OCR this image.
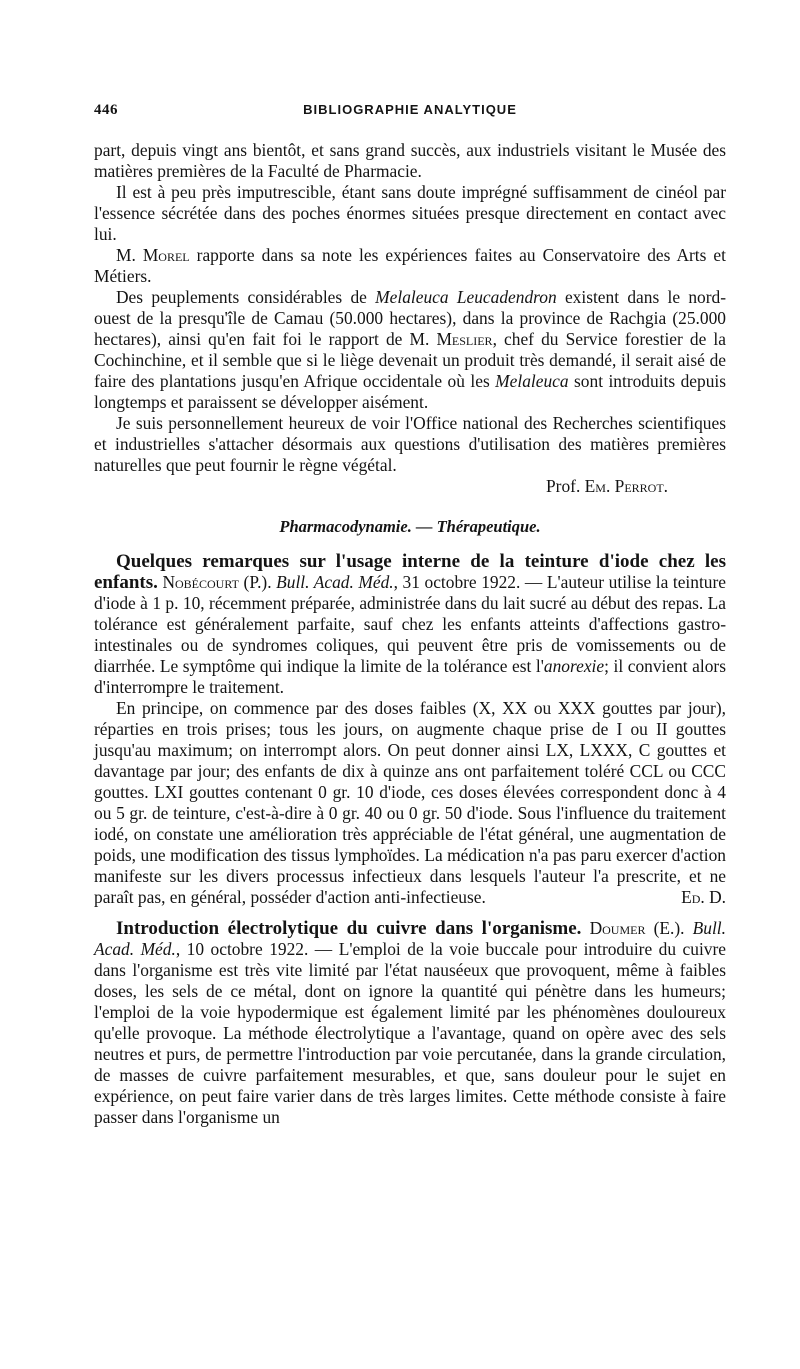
446	BIBLIOGRAPHIE ANALYTIQUE

part, depuis vingt ans bientôt, et sans grand succès, aux industriels visitant le Musée des matières premières de la Faculté de Pharmacie.

Il est à peu près imputrescible, étant sans doute imprégné suffisamment de cinéol par l'essence sécrétée dans des poches énormes situées presque directement en contact avec lui.

M. Morel rapporte dans sa note les expériences faites au Conservatoire des Arts et Métiers.

Des peuplements considérables de Melaleuca Leucadendron existent dans le nord-ouest de la presqu'île de Camau (50.000 hectares), dans la province de Rachgia (25.000 hectares), ainsi qu'en fait foi le rapport de M. Meslier, chef du Service forestier de la Cochinchine, et il semble que si le liège devenait un produit très demandé, il serait aisé de faire des plantations jusqu'en Afrique occidentale où les Melaleuca sont introduits depuis longtemps et paraissent se développer aisément.

Je suis personnellement heureux de voir l'Office national des Recherches scientifiques et industrielles s'attacher désormais aux questions d'utilisation des matières premières naturelles que peut fournir le règne végétal.

Prof. Em. Perrot.
Pharmacodynamie. — Thérapeutique.

Quelques remarques sur l'usage interne de la teinture d'iode chez les enfants. Nobécourt (P.). Bull. Acad. Méd., 31 octobre 1922. — L'auteur utilise la teinture d'iode à 1 p. 10, récemment préparée, administrée dans du lait sucré au début des repas. La tolérance est généralement parfaite, sauf chez les enfants atteints d'affections gastro-intestinales ou de syndromes coliques, qui peuvent être pris de vomissements ou de diarrhée. Le symptôme qui indique la limite de la tolérance est l'anorexie; il convient alors d'interrompre le traitement.

En principe, on commence par des doses faibles (X, XX ou XXX gouttes par jour), réparties en trois prises; tous les jours, on augmente chaque prise de I ou II gouttes jusqu'au maximum; on interrompt alors. On peut donner ainsi LX, LXXX, C gouttes et davantage par jour; des enfants de dix à quinze ans ont parfaitement toléré CCL ou CCC gouttes. LXI gouttes contenant 0 gr. 10 d'iode, ces doses élevées correspondent donc à 4 ou 5 gr. de teinture, c'est-à-dire à 0 gr. 40 ou 0 gr. 50 d'iode. Sous l'influence du traitement iodé, on constate une amélioration très appréciable de l'état général, une augmentation de poids, une modification des tissus lymphoïdes. La médication n'a pas paru exercer d'action manifeste sur les divers processus infectieux dans lesquels l'auteur l'a prescrite, et ne paraît pas, en général, posséder d'action anti-infectieuse.	Ed. D.

Introduction électrolytique du cuivre dans l'organisme. Doumer (E.). Bull. Acad. Méd., 10 octobre 1922. — L'emploi de la voie buccale pour introduire du cuivre dans l'organisme est très vite limité par l'état nauséeux que provoquent, même à faibles doses, les sels de ce métal, dont on ignore la quantité qui pénètre dans les humeurs; l'emploi de la voie hypodermique est également limité par les phénomènes douloureux qu'elle provoque. La méthode électrolytique a l'avantage, quand on opère avec des sels neutres et purs, de permettre l'introduction par voie percutanée, dans la grande circulation, de masses de cuivre parfaitement mesurables, et que, sans douleur pour le sujet en expérience, on peut faire varier dans de très larges limites. Cette méthode consiste à faire passer dans l'organisme un
